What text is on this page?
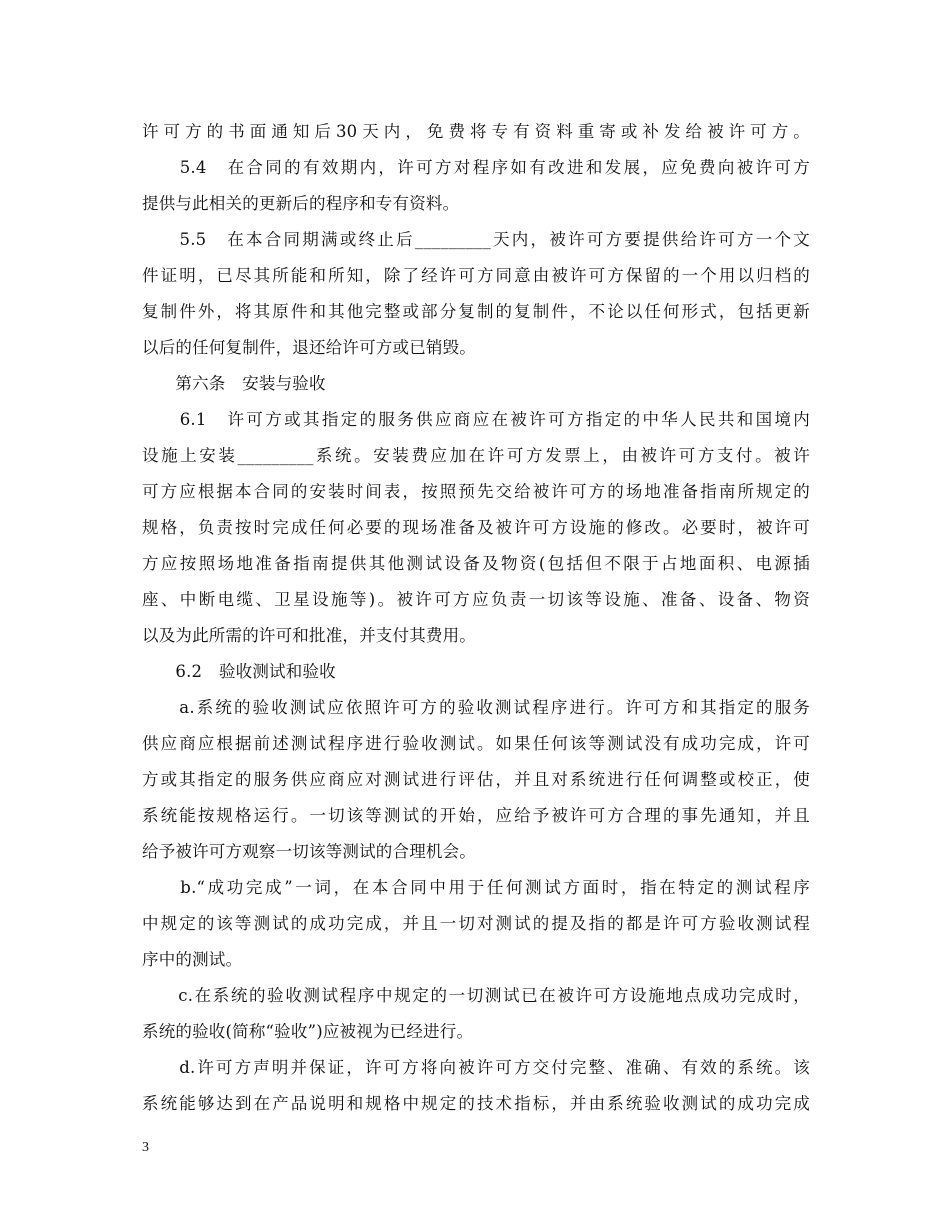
许可方的书面通知后30天内，免费将专有资料重寄或补发给被许可方。
　　5.4　在合同的有效期内，许可方对程序如有改进和发展，应免费向被许可方
提供与此相关的更新后的程序和专有资料。
　　5.5　在本合同期满或终止后_________天内，被许可方要提供给许可方一个文
件证明，已尽其所能和所知，除了经许可方同意由被许可方保留的一个用以归档的
复制件外，将其原件和其他完整或部分复制的复制件，不论以任何形式，包括更新
以后的任何复制件，退还给许可方或已销毁。
　　第六条　安装与验收
　　6.1　许可方或其指定的服务供应商应在被许可方指定的中华人民共和国境内
设施上安装_________系统。安装费应加在许可方发票上，由被许可方支付。被许
可方应根据本合同的安装时间表，按照预先交给被许可方的场地准备指南所规定的
规格，负责按时完成任何必要的现场准备及被许可方设施的修改。必要时，被许可
方应按照场地准备指南提供其他测试设备及物资(包括但不限于占地面积、电源插
座、中断电缆、卫星设施等)。被许可方应负责一切该等设施、准备、设备、物资
以及为此所需的许可和批准，并支付其费用。
　　6.2　验收测试和验收
　　a.系统的验收测试应依照许可方的验收测试程序进行。许可方和其指定的服务
供应商应根据前述测试程序进行验收测试。如果任何该等测试没有成功完成，许可
方或其指定的服务供应商应对测试进行评估，并且对系统进行任何调整或校正，使
系统能按规格运行。一切该等测试的开始，应给予被许可方合理的事先通知，并且
给予被许可方观察一切该等测试的合理机会。
　　b.“成功完成”一词，在本合同中用于任何测试方面时，指在特定的测试程序
中规定的该等测试的成功完成，并且一切对测试的提及指的都是许可方验收测试程
序中的测试。
　　c.在系统的验收测试程序中规定的一切测试已在被许可方设施地点成功完成时，
系统的验收(简称“验收”)应被视为已经进行。
　　d.许可方声明并保证，许可方将向被许可方交付完整、准确、有效的系统。该
系统能够达到在产品说明和规格中规定的技术指标，并由系统验收测试的成功完成
3
